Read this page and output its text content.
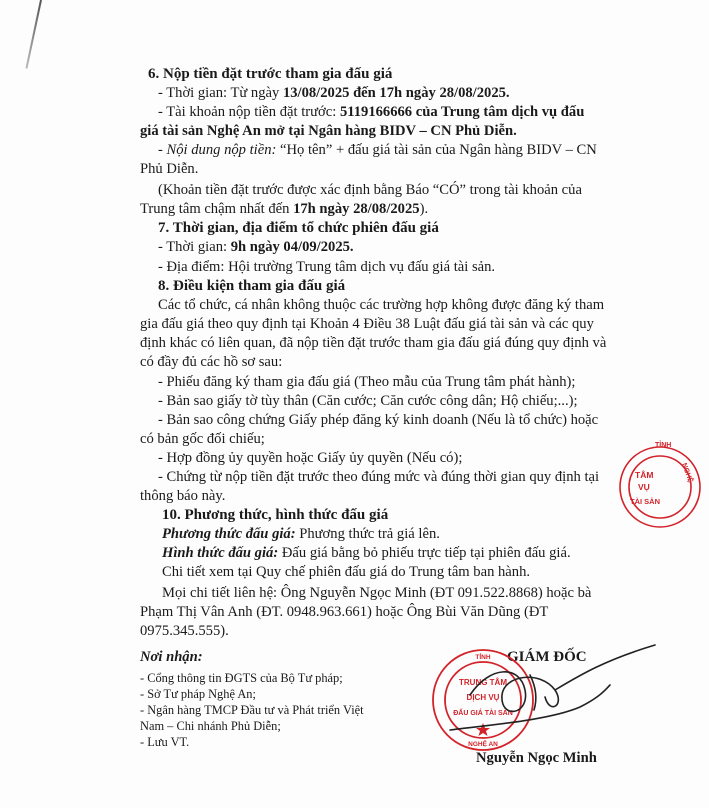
6. Nộp tiền đặt trước tham gia đấu giá
- Thời gian: Từ ngày 13/08/2025 đến 17h ngày 28/08/2025.
- Tài khoản nộp tiền đặt trước: 5119166666 của Trung tâm dịch vụ đấu
giá tài sản Nghệ An mở tại Ngân hàng BIDV – CN Phủ Diễn.
- Nội dung nộp tiền: “Họ tên” + đấu giá tài sản của Ngân hàng BIDV – CN
Phủ Diễn.
(Khoản tiền đặt trước được xác định bằng Báo “CÓ” trong tài khoản của
Trung tâm chậm nhất đến 17h ngày 28/08/2025).
7. Thời gian, địa điểm tổ chức phiên đấu giá
- Thời gian: 9h ngày 04/09/2025.
- Địa điểm: Hội trường Trung tâm dịch vụ đấu giá tài sản.
8. Điều kiện tham gia đấu giá
Các tổ chức, cá nhân không thuộc các trường hợp không được đăng ký tham
gia đấu giá theo quy định tại Khoản 4 Điều 38 Luật đấu giá tài sản và các quy
định khác có liên quan, đã nộp tiền đặt trước tham gia đấu giá đúng quy định và
có đầy đủ các hồ sơ sau:
- Phiếu đăng ký tham gia đấu giá (Theo mẫu của Trung tâm phát hành);
- Bản sao giấy tờ tùy thân (Căn cước; Căn cước công dân; Hộ chiếu;...);
- Bản sao công chứng Giấy phép đăng ký kinh doanh (Nếu là tổ chức) hoặc
có bản gốc đối chiếu;
- Hợp đồng ủy quyền hoặc Giấy ủy quyền (Nếu có);
- Chứng từ nộp tiền đặt trước theo đúng mức và đúng thời gian quy định tại
thông báo này.
10. Phương thức, hình thức đấu giá
Phương thức đấu giá: Phương thức trả giá lên.
Hình thức đấu giá: Đấu giá bằng bỏ phiếu trực tiếp tại phiên đấu giá.
Chi tiết xem tại Quy chế phiên đấu giá do Trung tâm ban hành.
Mọi chi tiết liên hệ: Ông Nguyễn Ngọc Minh (ĐT 091.522.8868) hoặc bà
Phạm Thị Vân Anh (ĐT. 0948.963.661) hoặc Ông Bùi Văn Dũng (ĐT
0975.345.555).
Nơi nhận:
- Cổng thông tin ĐGTS của Bộ Tư pháp;
- Sở Tư pháp Nghệ An;
- Ngân hàng TMCP Đầu tư và Phát triển Việt
Nam – Chi nhánh Phủ Diễn;
- Lưu VT.
GIÁM ĐỐC
TÂM
VỤ
TÀI SẢN
TỈNH
NGHỆ
TRUNG TÂM
DỊCH VỤ
ĐẤU GIÁ TÀI SẢN
TỈNH
NGHỆ AN
Nguyễn Ngọc Minh
